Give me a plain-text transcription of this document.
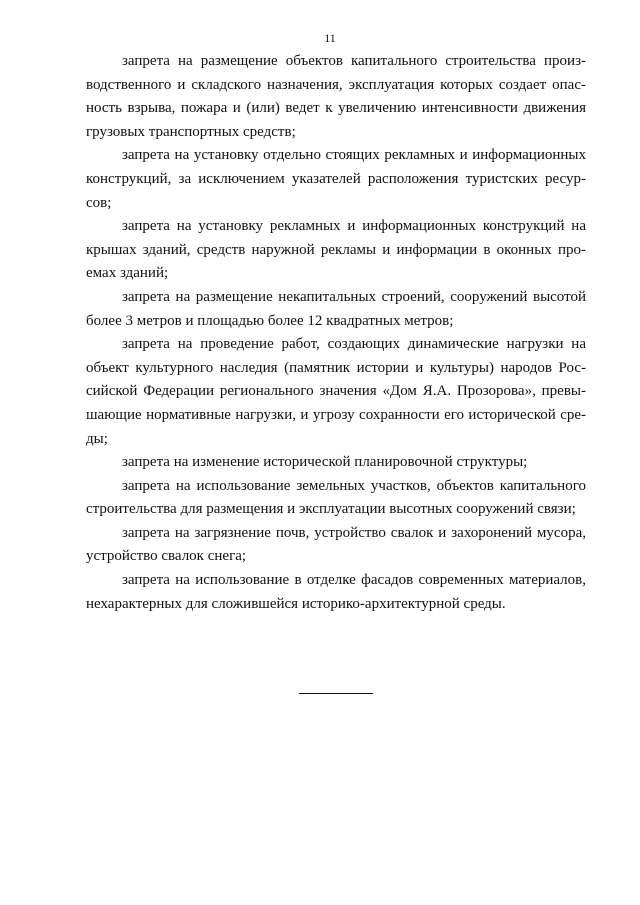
11

запрета на размещение объектов капитального строительства произ-
водственного и складского назначения, эксплуатация которых создает опас-
ность взрыва, пожара и (или) ведет к увеличению интенсивности движения
грузовых транспортных средств;

запрета на установку отдельно стоящих рекламных и информационных
конструкций, за исключением указателей расположения туристских ресур-
сов;

запрета на установку рекламных и информационных конструкций на
крышах зданий, средств наружной рекламы и информации в оконных про-
емах зданий;

запрета на размещение некапитальных строений, сооружений высотой
более 3 метров и площадью более 12 квадратных метров;

запрета на проведение работ, создающих динамические нагрузки на
объект культурного наследия (памятник истории и культуры) народов Рос-
сийской Федерации регионального значения «Дом Я.А. Прозорова», превы-
шающие нормативные нагрузки, и угрозу сохранности его исторической сре-
ды;

запрета на изменение исторической планировочной структуры;

запрета на использование земельных участков, объектов капитального
строительства для размещения и эксплуатации высотных сооружений связи;

запрета на загрязнение почв, устройство свалок и захоронений мусора,
устройство свалок снега;

запрета на использование в отделке фасадов современных материалов,
нехарактерных для сложившейся историко-архитектурной среды.
